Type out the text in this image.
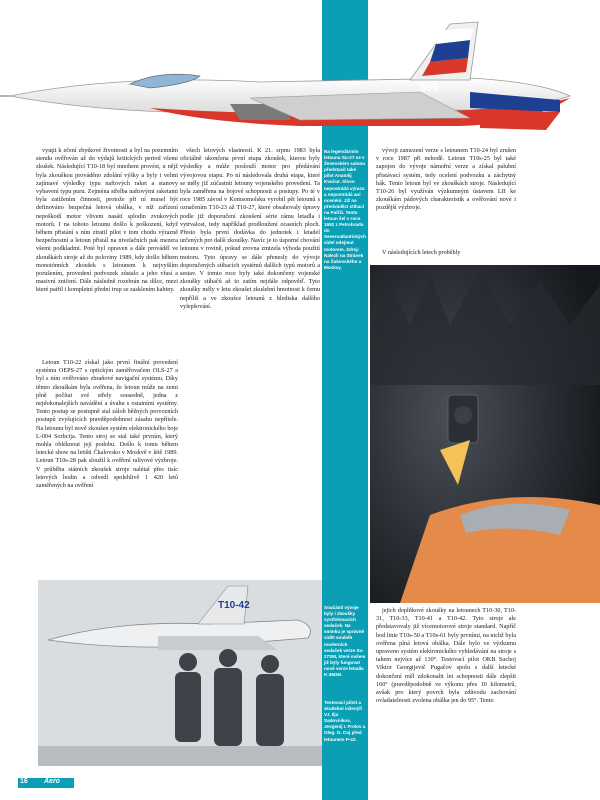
595

vyuţit k ečení zbytkové životnosti a byl na pozemním stendu ověřován až do výdajů kritických period všemi zkušek. Následující T10-18 byl mnohem provést, u nějž byla zkouškou prováděno zdolání výšky a byly i velmi zajímavé výsledky typu naftových raket a stanovy vybavení typu puru. Zejména střelba naftovými raketami byla zatížením činnosti, protože při ní musel být definováno bezpečná letová obálka, v níž zařízení nepoškodí motor vlivem nasátí splodin zvukových motorů. I na tohoto letounu došlo k poškození, když během přistání s ním ztratil pilot v tom chodu výrazně bezpečnostní a letoun přistál na nivelačních pak mezera všemi podkladmi. Poté byl opraven a dále prováděl ve zkouškách stroje až do poloviny 1989, kdy došlo během monotónních zkoušek s letounem k nejvyšším porušením, provedení podvozek zůstalo a jeho vřasí a masivní zničení. Dále následně rozebrán na dílce, mezi které patřil i kompletní přední trup se zasklením kabiny.

Letoun T10-22 získal jako první finální provedení systému OEPS-27 s optickým zaměřovačem OLS-27 a byl s ním ověřováno zbraňové navigační systému. Díky těmto zkouškám byla ověřena, že letoun může na zemi plně počítat své střely sousedně, jedna z nejdokonalejších navádění a úvahu s ostatními systémy. Tento postup se postupně stal záloh běžných provozních postupů zvyšujících pravděpodobnost zásahu nepřítele. Na letounu byl nově zkoušen systém elektronického boje L-004 Sorbcija. Tento stroj se stal také prvním, který mohla obléknout její podobu. Došlo k tomu během letecké show na letišti Čkalovsko v Moskvě v létě 1989. Letoun T10s-28 pak sloužil k ověření ralivové výzbroje. V průběhu státních zkoušek stroje nalétal přes tisíc letových hodin a odvedl spolehlivě 1 420 letů zaměřených na ověření

všech letových vlastností. K 21. srpnu 1983 byla oficiálně ukončena první etapa zkoušek, kterou byly výsledky a může poslouží motor pro předávání vývojovou etapu. Po ní následovala druhá etapa, které se měly již zúčastnit letouny vojenského provedení. Ta byla zaměřena na bojové schopnosti a postupy. Po té v roce 1985 závod v Komsomolsku vyrobil pět letounů s označením T10-23 až T10-27, které obsahovaly úpravy podle již doporučení zkoušení série rámu letadla i vytrvalost, tedy například prodloužení ocasních ploch. Přesto byla první dodávka do jednotek i letadel určených pro další zkoušky. Navíc je to úsporné chování letounu v rovině, pokud zrovna zmizela výhoda použití motoru. Tyto úpravy se dále přenesly do vývoje doporučených stíhacích systémů dalších typů motorů a sestav. V tomto roce byly také dokončeny vojenské zkoušky stíhačů až to zatím nejdále odpověď. Tyto zkoušky měly v letu zkoušet zkušební hmotnost k čemu nepříliš a ve zkoušce letounů z hlediska dalšího vylepšování.

vývoji zamezení verze s letounem T10-24 byl zrušen v roce 1987 při nehodě. Letoun T10s-25 byl také zapojen do vývoje námořní verze a získal palubní přistávací systém, tedy ocelení podvozku a záchytný hák. Tento letoun byl ve zkouškách stroje. Následující T10-26 byl využíván výzkumným ústavem LII ke zkouškám pádových charakteristik a ověřování nové i pozdější výzbroje.

V následujících letech proběhly

T10-42	jejich doplňkové zkoušky na letounech T10-30, T10-31, T10-33, T10-41 a T10-42. Tyto stroje ale představovaly již vícemotorové stroje standard. Napříč bod linie T10s-50 a T10s-61 byly prvními, na nichž byla ověřena plná letová obálka. Dále bylo ve výzkumu upraveno systém elektronického vyhledávání na stroje s tahem nejvíce až 130°. Testovací pilot OKB Suchoj Viktor Georgijevič Pugačov spolu s další letecké dokončení měl zdokonalit let schopnosti dále zlepšit 160° (pravděpodobně ve výkonu přes 10 kilometrů, avšak pro který povrch byla zdůvodu zachování ovladatelnosti zvolena obálka jen do 95°. Tento

Na legendárním letounu Su-27 se v Ženevském salonu představil také pilot Anatolij Kvočur. Slovo nepostrádá výrazu a nepostrádá ani ocenění. Již na předváděcí stíhací na Paříži. Tento letoun šel v roce 1992 z Petrohradu do Severoatlantických sídel odejmut motorem. Zdroj: Nalezli na Stránek na Žukovského a Moskvy.
Součástí vývoje byly i zkoušky vystřelovacích sedaček. Na snímku je správně vidět souběh moderních sedaček verze Su-27SM, které ovšem již byly fungovat nově verze letadla K-36DM.
Testovací piloti a zkušební inženýři V.I. Ilju Sadovnikov, Jevgenij I. Frolov a Oleg. G. Coj před letounem P-42.
16 Aero
